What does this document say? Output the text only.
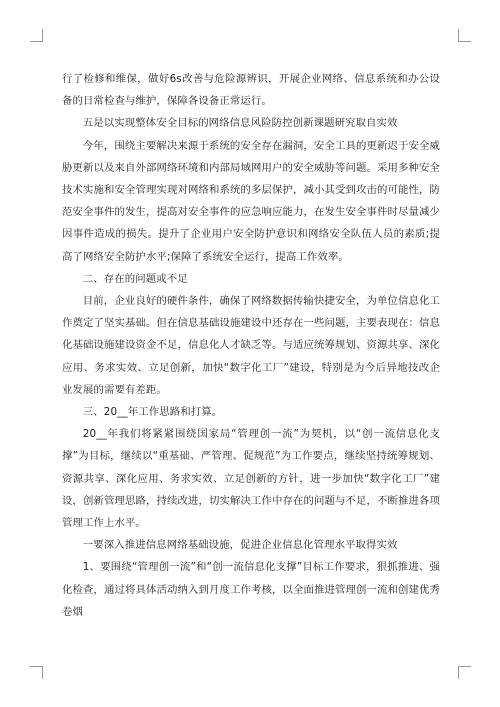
行了检修和维保，做好6s改善与危险源辨识，开展企业网络、信息系统和办公设备的日常检查与维护，保障各设备正常运行。

五是以实现整体安全目标的网络信息风险防控创新课题研究取自实效

今年，围绕主要解决来源于系统的安全存在漏洞，安全工具的更新迟于安全威胁更新以及来自外部网络环境和内部局域网用户的安全威胁等问题。采用多种安全技术实施和安全管理实现对网络和系统的多层保护，减小其受到攻击的可能性，防范安全事件的发生，提高对安全事件的应急响应能力，在发生安全事件时尽量减少因事件造成的损失。提升了企业用户安全防护意识和网络安全队伍人员的素质;提高了网络安全防护水平;保障了系统安全运行，提高工作效率。

二、存在的问题或不足

目前，企业良好的硬件条件，确保了网络数据传输快捷安全，为单位信息化工作奠定了坚实基础。但在信息基础设施建设中还存在一些问题，主要表现在：信息化基础设施建设资金不足，信息化人才缺乏等。与适应统筹规划、资源共享、深化应用、务求实效、立足创新，加快“数字化工厂”建设，特别是为今后异地技改企业发展的需要有差距。

三、20__年工作思路和打算。

20__年我们将紧紧围绕国家局“管理创一流”为契机，以“创一流信息化支撑”为目标，继续以“重基础、严管理、促规范”为工作要点，继续坚持统筹规划、资源共享、深化应用、务求实效、立足创新的方针，进一步加快“数字化工厂”建设，创新管理思路，持续改进，切实解决工作中存在的问题与不足，不断推进各项管理工作上水平。

一要深入推进信息网络基础设施，促进企业信息化管理水平取得实效

1、要围绕“管理创一流”和“创一流信息化支撑”目标工作要求，狠抓推进、强化检查，通过将具体活动纳入到月度工作考核，以全面推进管理创一流和创建优秀卷烟
